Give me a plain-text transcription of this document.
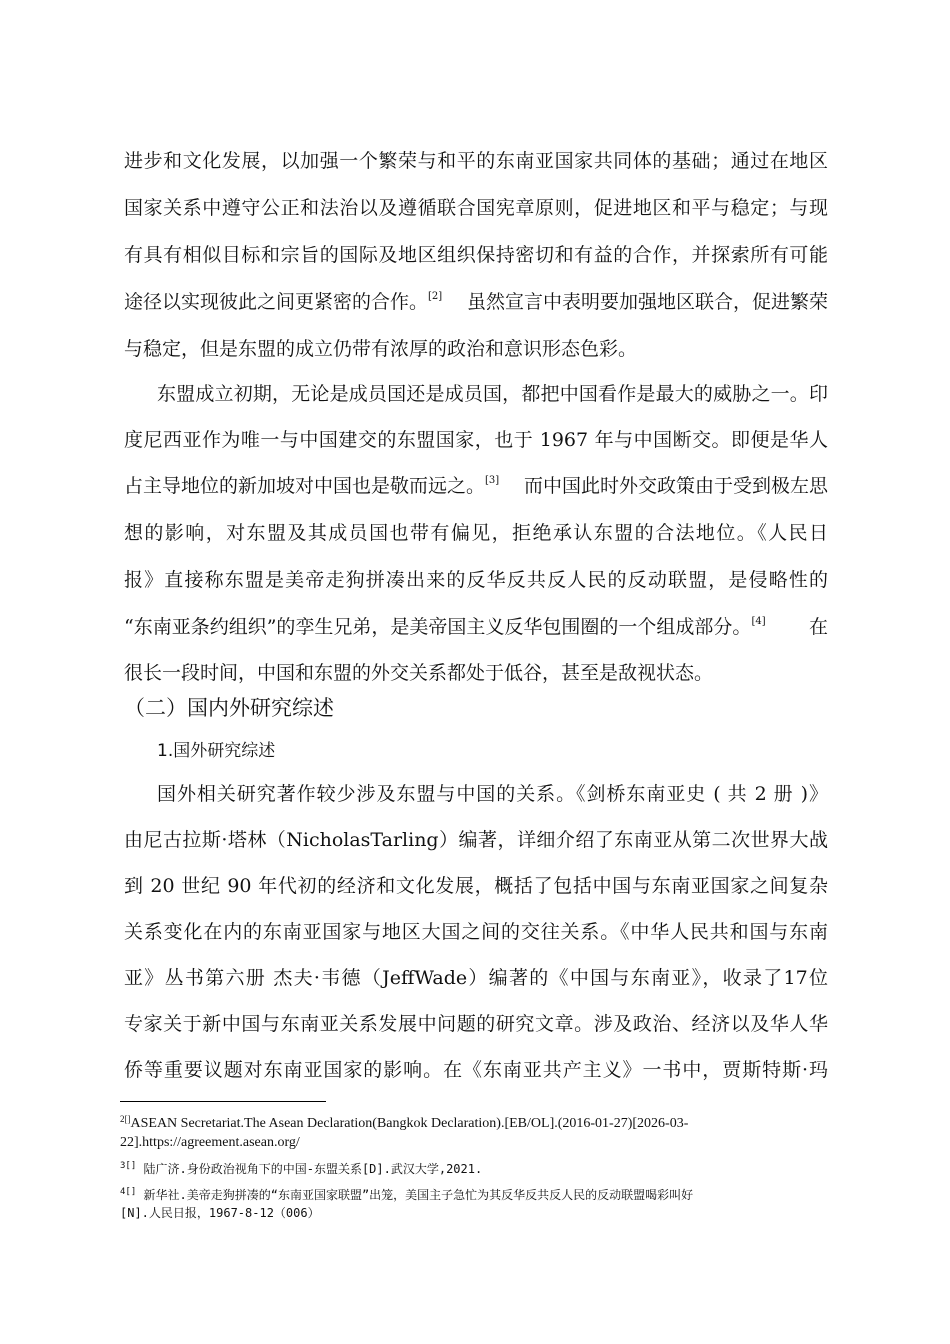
进步和文化发展，以加强一个繁荣与和平的东南亚国家共同体的基础；通过在地区
国家关系中遵守公正和法治以及遵循联合国宪章原则，促进地区和平与稳定；与现
有具有相似目标和宗旨的国际及地区组织保持密切和有益的合作，并探索所有可能
途径以实现彼此之间更紧密的合作。[2] 虽然宣言中表明要加强地区联合，促进繁荣
与稳定，但是东盟的成立仍带有浓厚的政治和意识形态色彩。
东盟成立初期，无论是成员国还是成员国，都把中国看作是最大的威胁之一。印
度尼西亚作为唯一与中国建交的东盟国家，也于 1967 年与中国断交。即便是华人
占主导地位的新加坡对中国也是敬而远之。[3] 而中国此时外交政策由于受到极左思
想的影响，对东盟及其成员国也带有偏见，拒绝承认东盟的合法地位。《人民日
报》直接称东盟是美帝走狗拼凑出来的反华反共反人民的反动联盟，是侵略性的
“东南亚条约组织”的孪生兄弟，是美帝国主义反华包围圈的一个组成部分。[4] 在
很长一段时间，中国和东盟的外交关系都处于低谷，甚至是敌视状态。
（二）国内外研究综述
1.国外研究综述
国外相关研究著作较少涉及东盟与中国的关系。《剑桥东南亚史 ( 共 2 册 )》
由尼古拉斯·塔林（NicholasTarling）编著，详细介绍了东南亚从第二次世界大战
到 20 世纪 90 年代初的经济和文化发展，概括了包括中国与东南亚国家之间复杂
关系变化在内的东南亚国家与地区大国之间的交往关系。《中华人民共和国与东南
亚》丛书第六册 杰夫·韦德（JeffWade）编著的《中国与东南亚》，收录了17位
专家关于新中国与东南亚关系发展中问题的研究文章。涉及政治、经济以及华人华
侨等重要议题对东南亚国家的影响。在《东南亚共产主义》一书中，贾斯特斯·玛
$^{2[]}$ASEAN Secretariat.The Asean Declaration(Bangkok Declaration).[EB/OL].(2016-01-27)[2026-03-
22].https://agreement.asean.org/
$^{3[]}$ 陆广济.身份政治视角下的中国-东盟关系[D].武汉大学,2021.
$^{4[]}$ 新华社.美帝走狗拼凑的“东南亚国家联盟”出笼，美国主子急忙为其反华反共反人民的反动联盟喝彩叫好
[N].人民日报，1967-8-12（006）
